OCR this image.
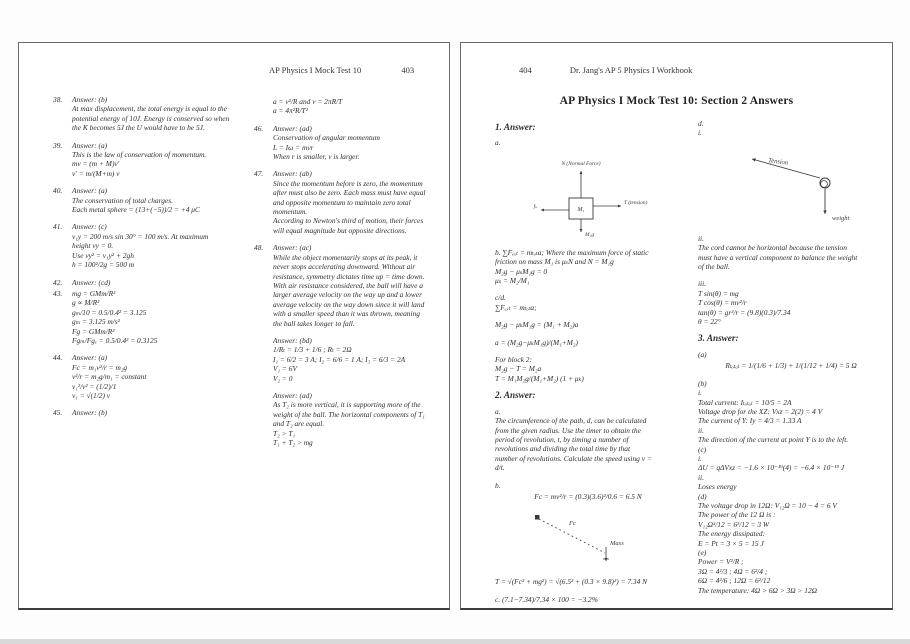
AP Physics I Mock Test 10	403
38.	Answer: (b)
At max displacement, the total energy is equal to the
potential energy of 10J. Energy is conserved so when
the K becomes 5J the U would have to be 5J.
39.	Answer: (a)
This is the law of conservation of momentum.
mv = (m + M)v′
v′ = m/(M+m) v
40.	Answer: (a)
The conservation of total charges.
Each metal sphere = (13+(−5))/2 = +4 μC
41.	Answer: (c)
v₁y = 200 m/s sin 30° = 100 m/s. At maximum
height vy = 0.
Use vy² = v₁y² + 2gh
h = 100²/2g = 500 m
42.	Answer: (cd)
43.	mg = GMm/R²
g ∝ M/R²
gₘ/10 = 0.5/0.4² = 3.125
gₘ = 3.125 m/s²
Fg = GMm/R²
Fgₘ/Fgₑ = 0.5/0.4² = 0.3125
44.	Answer: (a)
Fc = m₁v²/r = m₂g
v²/r = m₂g/m₁ = constant
v₁²/v² = (1/2)/1
v₁ = √(1/2) v
45.	Answer: (b)
a = v²/R and v = 2πR/T
a = 4π²R/T²
46.	Answer: (ad)
Conservation of angular momentum
L = Iω = mvr
When r is smaller, v is larger.
47.	Answer: (ab)
Since the momentum before is zero, the momentum
after must also be zero. Each mass must have equal
and opposite momentum to maintain zero total
momentum.
According to Newton's third of motion, their forces
will equal magnitude but opposite directions.
48.	Answer: (ac)
While the object momentarily stops at its peak, it
never stops accelerating downward. Without air
resistance, symmetry dictates time up = time down.
With air resistance considered, the ball will have a
larger average velocity on the way up and a lower
average velocity on the way down since it will land
with a smaller speed than it was thrown, meaning
the ball takes longer to fall.
Answer: (bd)
1/Rₜ = 1/3 + 1/6 ; Rₜ = 2Ω
I₁ = 6/2 = 3 A; I₂ = 6/6 = 1 A; I₃ = 6/3 = 2A
V₁ = 6V
V₂ = 0
Answer: (ad)
As T₂ is more vertical, it is supporting more of the
weight of the ball. The horizontal components of T₁
and T₂ are equal.
T₂ > T₁
T₁ + T₂ > mg
404	Dr. Jang's AP 5 Physics I Workbook
AP Physics I Mock Test 10: Section 2 Answers
1. Answer:
a.
N (Normal Force)
M₁
T (tension)
fₛ
M₁g
b. ∑Fₑₓₜ = mₜₒₜa; Where the maximum force of static
friction on mass M₁ is μₛN and N = M₁g
M₂g − μₛM₁g = 0
μₛ = M₂/M₁
c/d.
∑Fₑₓₜ = mₜₒₜa;
M₂g − μₖM₁g = (M₁ + M₂)a
a = (M₂g−μₖM₁g)/(M₁+M₂)
For block 2:
M₂g − T = M₂a
T = M₁M₂g/(M₁+M₂) (1 + μₖ)
2. Answer:
a.
The circumference of the path, d, can be calculated
from the given radius. Use the timer to obtain the
period of revolution, t, by timing a number of
revolutions and dividing the total time by that
number of revolutions. Calculate the speed using v =
d/t.
b.
Fc = mv²/r = (0.3)(3.6)²/0.6 = 6.5 N
Fc
Mass
T = √(Fc² + mg²) = √(6.5² + (0.3 × 9.8)²) = 7.34 N
c. (7.1−7.34)/7.34 × 100 = −3.2%
d.
i.
Tension
weight
ii.
The cord cannot be horizontal because the tension
must have a vertical component to balance the weight
of the ball.
iii.
T sin(θ) = mg
T cos(θ) = mv²/r
tan(θ) = gr²/r = (9.8)(0.3)/7.34
θ = 22°
3. Answer:
(a)
Rₜₒₜₐₗ = 1/(1/6 + 1/3) + 1/(1/12 + 1/4) = 5 Ω
(b)
i.
Total current: Iₜₒₜₐₗ = 10/5 = 2A
Voltage drop for the XZ: Vxz = 2(2) = 4 V
The current of Y: Iy = 4/3 = 1.33 A
ii.
The direction of the current at point Y is to the left.
(c)
i.
ΔU = qΔVxz = −1.6 × 10⁻¹⁹(4) = −6.4 × 10⁻¹⁹ J
ii.
Loses energy
(d)
The voltage drop in 12Ω: V₁₂Ω = 10 − 4 = 6 V
The power of the 12 Ω is :
V₁₂Ω²/12 = 6²/12 = 3 W
The energy dissipated:
E = Pt = 3 × 5 = 15 J
(e)
Power = V²/R ;
3Ω = 4²/3 ; 4Ω = 6²/4 ;
6Ω = 4²/6 ; 12Ω = 6²/12
The temperature: 4Ω > 6Ω > 3Ω > 12Ω
